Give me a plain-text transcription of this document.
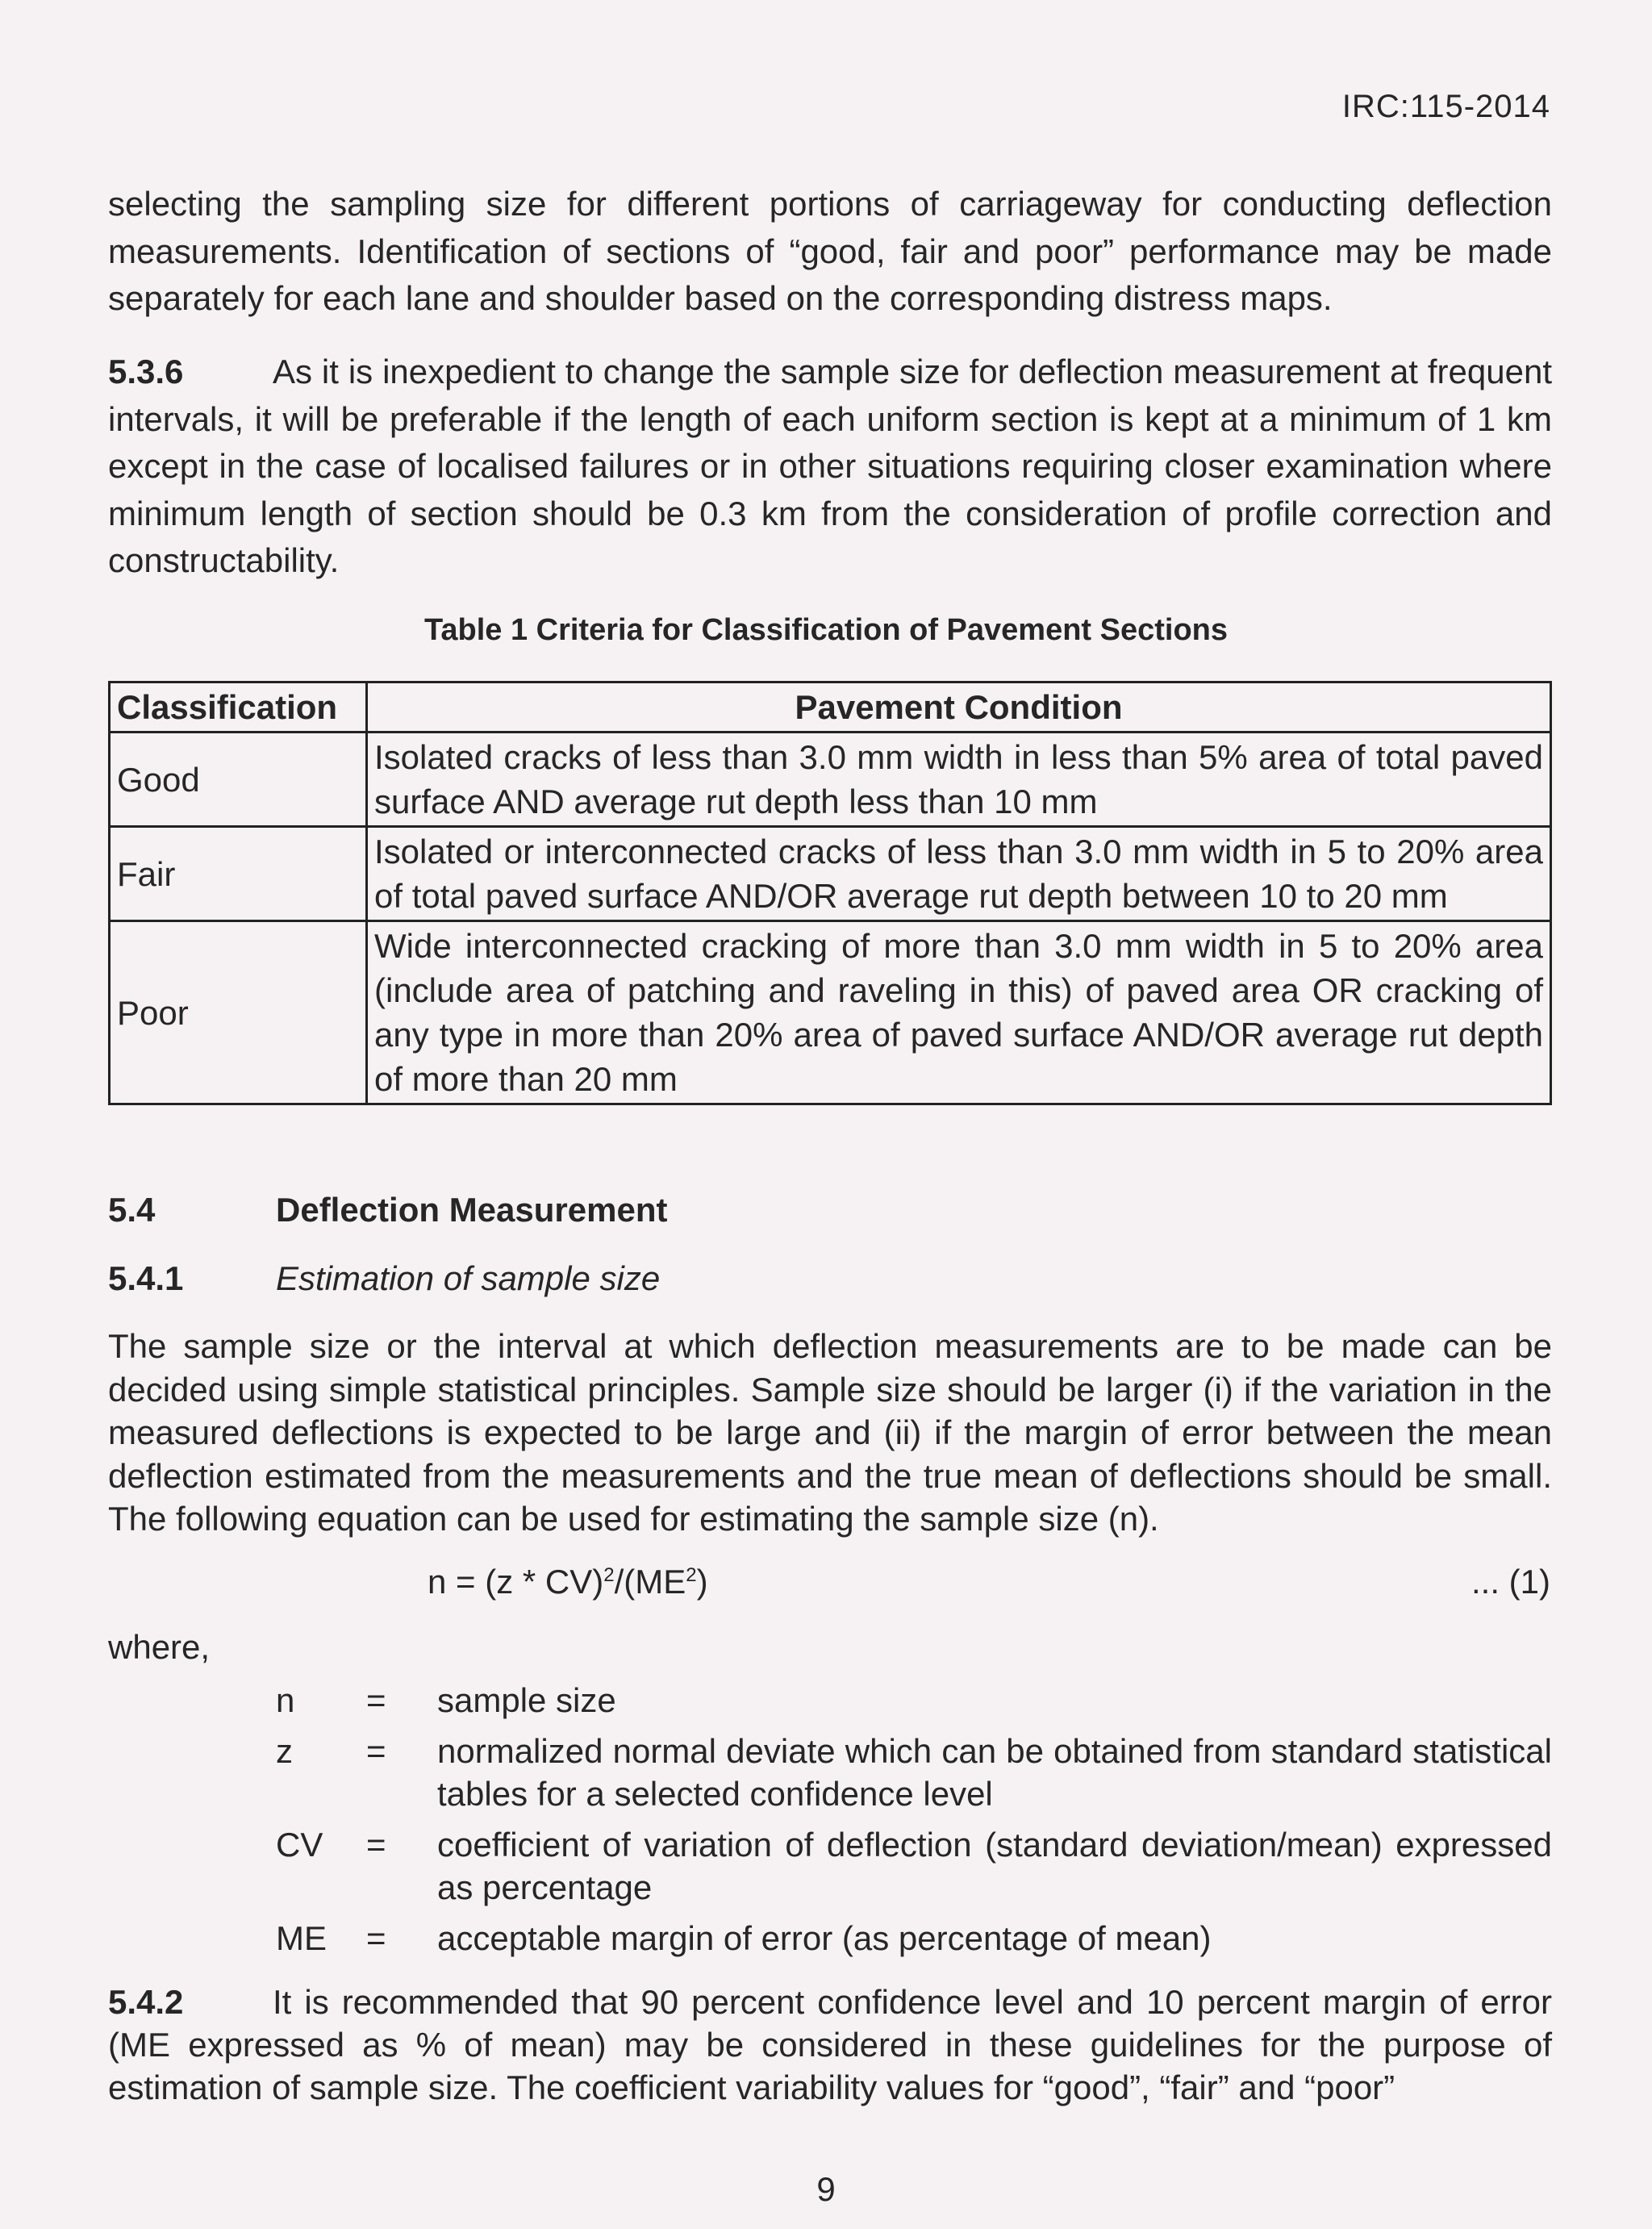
IRC:115-2014

selecting the sampling size for different portions of carriageway for conducting deflection measurements. Identification of sections of “good, fair and poor” performance may be made separately for each lane and shoulder based on the corresponding distress maps.

5.3.6	As it is inexpedient to change the sample size for deflection measurement at frequent intervals, it will be preferable if the length of each uniform section is kept at a minimum of 1 km except in the case of localised failures or in other situations requiring closer examination where minimum length of section should be 0.3 km from the consideration of profile correction and constructability.

Table 1 Criteria for Classification of Pavement Sections
Classification	Pavement Condition
Good	Isolated cracks of less than 3.0 mm width in less than 5% area of total paved surface AND average rut depth less than 10 mm
Fair	Isolated or interconnected cracks of less than 3.0 mm width in 5 to 20% area of total paved surface AND/OR average rut depth between 10 to 20 mm
Poor	Wide interconnected cracking of more than 3.0 mm width in 5 to 20% area (include area of patching and raveling in this) of paved area OR cracking of any type in more than 20% area of paved surface AND/OR average rut depth of more than 20 mm
5.4	Deflection Measurement
5.4.1	Estimation of sample size

The sample size or the interval at which deflection measurements are to be made can be decided using simple statistical principles. Sample size should be larger (i) if the variation in the measured deflections is expected to be large and (ii) if the margin of error between the mean deflection estimated from the measurements and the true mean of deflections should be small. The following equation can be used for estimating the sample size (n).

$n = (z * CV)^2/(ME^2)$	... (1)
where,
n	=	sample size
z	=	normalized normal deviate which can be obtained from standard statistical tables for a selected confidence level
CV	=	coefficient of variation of deflection (standard deviation/mean) expressed as percentage
ME	=	acceptable margin of error (as percentage of mean)

5.4.2	It is recommended that 90 percent confidence level and 10 percent margin of error (ME expressed as % of mean) may be considered in these guidelines for the purpose of estimation of sample size. The coefficient variability values for “good”, “fair” and “poor”

9
